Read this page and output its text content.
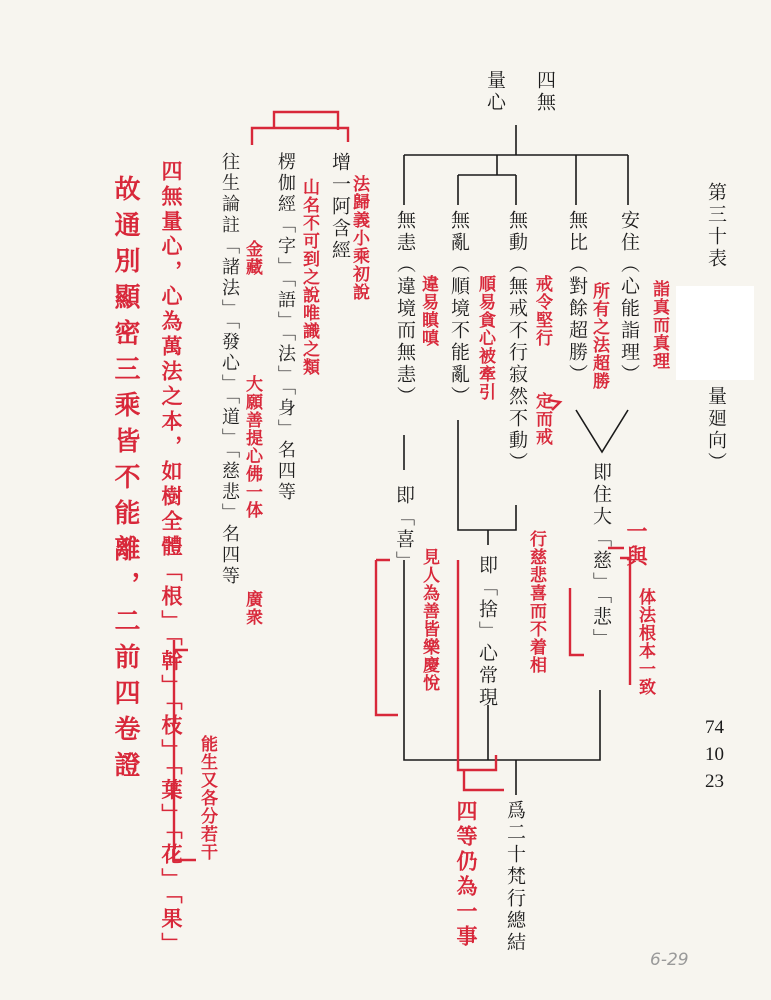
第三十表
量廻向）
四無
量心
安住（心能詣理）
無比（對餘超勝）
無動（無戒不行寂然不動）
無亂（順境不能亂）
無恚（違境而無恚）
即住大「慈」「悲」
即「捨」心常現
即「喜」
爲二十梵行總結
增一阿含經
楞伽經「字」「語」「法」「身」名四等
往生論註「諸法」「發心」「道」「慈悲」名四等
74
10
23
6-29
詣真而真理
所有之法超勝
戒令堅行
定而戒
順易貪心被牽引
違易瞋嗔
一與
体法根本一致
見人為善皆樂慶悅	行慈悲喜而不着相
四等仍為一事
法歸義小乘初說
山名不可到之說唯識之類
金藏
大願善提心佛一体
廣衆
四無量心，心為萬法之本，如樹全體「根」「幹」「枝」「葉」「花」「果」
故通別顯密三乘皆不能離，二前四卷證
能生又各分若干
